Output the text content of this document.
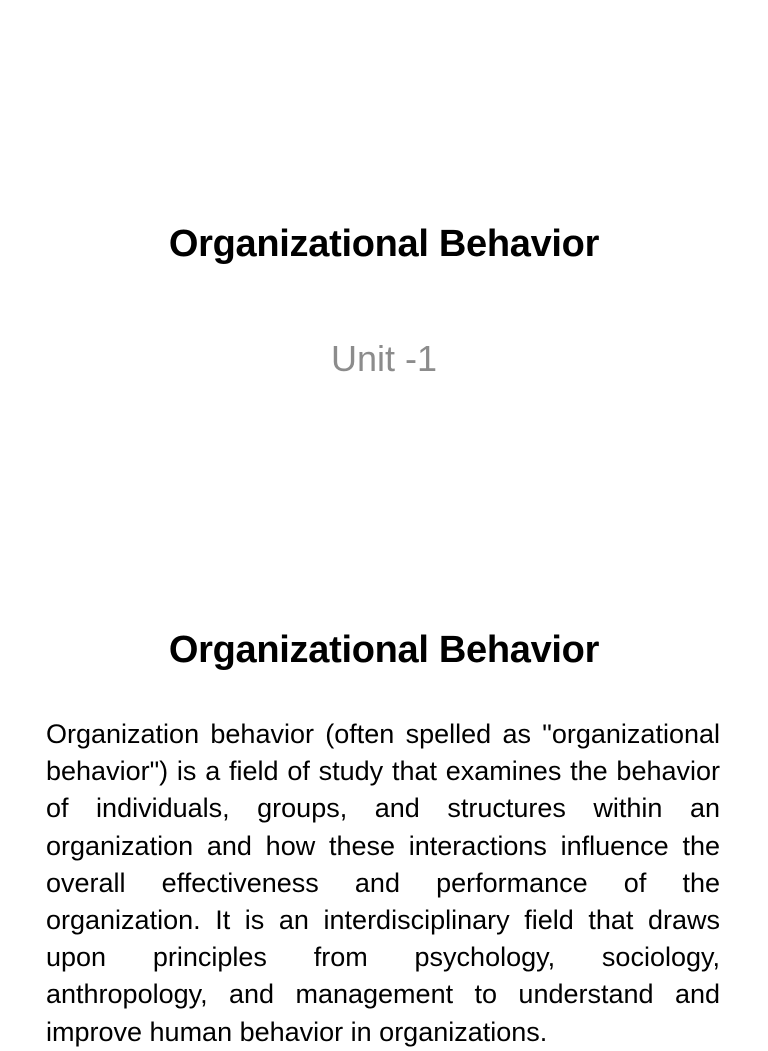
Organizational Behavior

Unit -1

Organizational Behavior

Organization behavior (often spelled as "organizational behavior") is a field of study that examines the behavior of individuals, groups, and structures within an organization and how these interactions influence the overall effectiveness and performance of the organization. It is an interdisciplinary field that draws upon principles from psychology, sociology, anthropology, and management to understand and improve human behavior in organizations.
